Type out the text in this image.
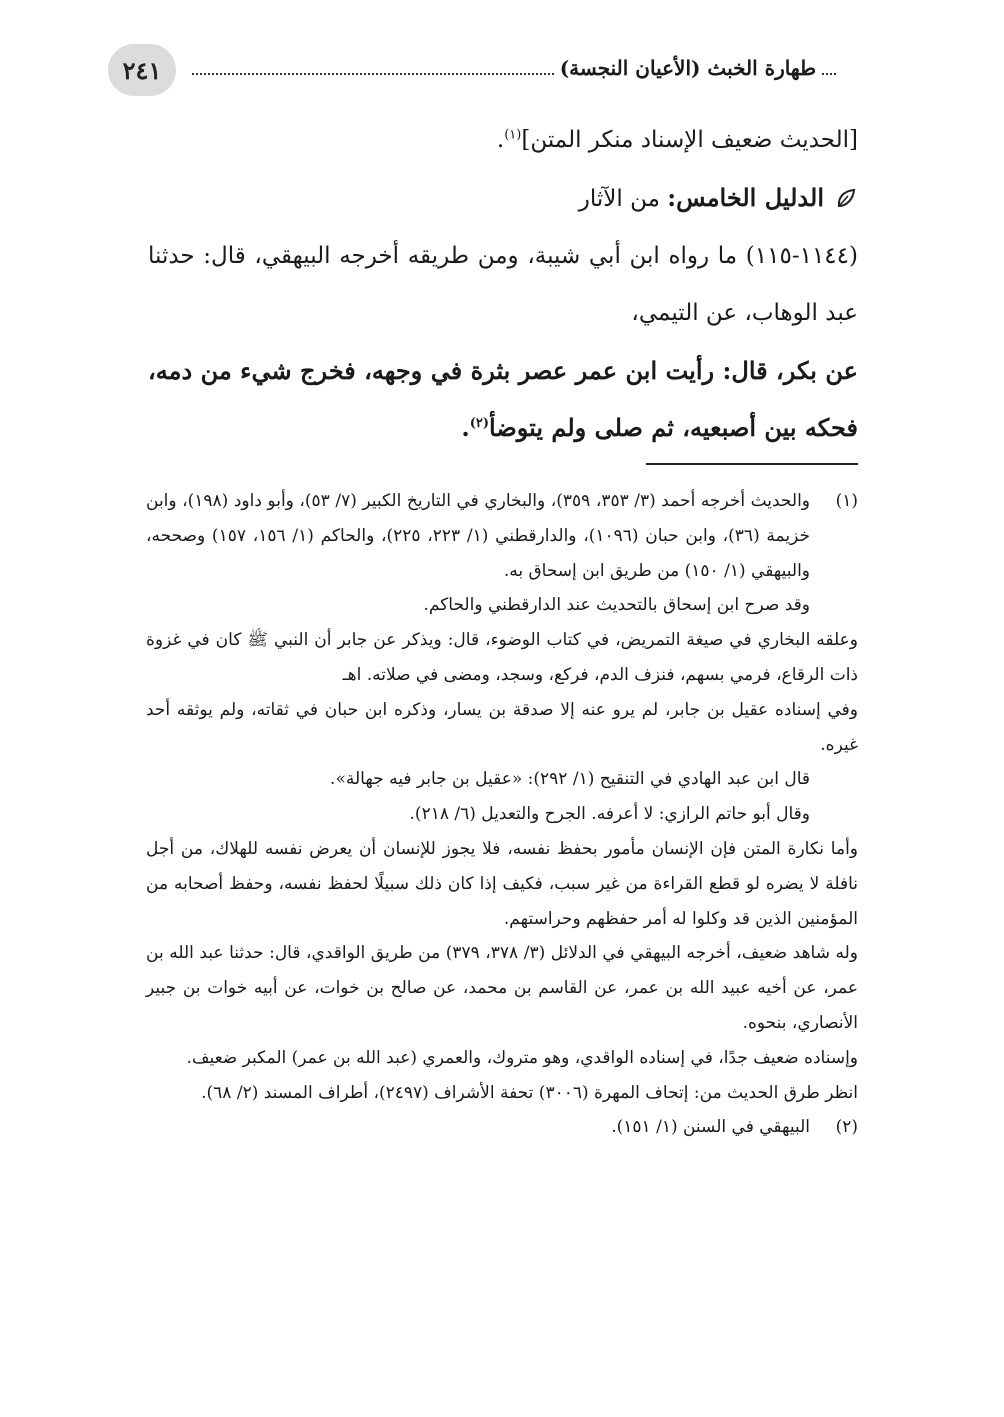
٢٤١	طهارة الخبث (الأعيان النجسة)

[الحديث ضعيف الإسناد منكر المتن]$^{(١)}$.

الدليل الخامس: من الآثار

(١١٤٤-١١٥) ما رواه ابن أبي شيبة، ومن طريقه أخرجه البيهقي، قال: حدثنا عبد الوهاب، عن التيمي،

عن بكر، قال: رأيت ابن عمر عصر بثرة في وجهه، فخرج شيء من دمه، فحكه بين أصبعيه، ثم صلى ولم يتوضأ$^{(٢)}$.

(١)
والحديث أخرجه أحمد (٣/ ٣٥٣، ٣٥٩)، والبخاري في التاريخ الكبير (٧/ ٥٣)، وأبو داود (١٩٨)، وابن خزيمة (٣٦)، وابن حبان (١٠٩٦)، والدارقطني (١/ ٢٢٣، ٢٢٥)، والحاكم (١/ ١٥٦، ١٥٧) وصححه، والبيهقي (١/ ١٥٠) من طريق ابن إسحاق به.

وقد صرح ابن إسحاق بالتحديث عند الدارقطني والحاكم.

وعلقه البخاري في صيغة التمريض، في كتاب الوضوء، قال: ويذكر عن جابر أن النبي ﷺ كان في غزوة ذات الرقاع، فرمي بسهم، فنزف الدم، فركع، وسجد، ومضى في صلاته. اهـ

وفي إسناده عقيل بن جابر، لم يرو عنه إلا صدقة بن يسار، وذكره ابن حبان في ثقاته، ولم يوثقه أحد غيره.

قال ابن عبد الهادي في التنقيح (١/ ٢٩٢): «عقيل بن جابر فيه جهالة».

وقال أبو حاتم الرازي: لا أعرفه. الجرح والتعديل (٦/ ٢١٨).

وأما نكارة المتن فإن الإنسان مأمور بحفظ نفسه، فلا يجوز للإنسان أن يعرض نفسه للهلاك، من أجل نافلة لا يضره لو قطع القراءة من غير سبب، فكيف إذا كان ذلك سبيلًا لحفظ نفسه، وحفظ أصحابه من المؤمنين الذين قد وكلوا له أمر حفظهم وحراستهم.

وله شاهد ضعيف، أخرجه البيهقي في الدلائل (٣/ ٣٧٨، ٣٧٩) من طريق الواقدي، قال: حدثنا عبد الله بن عمر، عن أخيه عبيد الله بن عمر، عن القاسم بن محمد، عن صالح بن خوات، عن أبيه خوات بن جبير الأنصاري، بنحوه.

وإسناده ضعيف جدًا، في إسناده الواقدي، وهو متروك، والعمري (عبد الله بن عمر) المكبر ضعيف.

انظر طرق الحديث من: إتحاف المهرة (٣٠٠٦) تحفة الأشراف (٢٤٩٧)، أطراف المسند (٢/ ٦٨).

(٢)
البيهقي في السنن (١/ ١٥١).
